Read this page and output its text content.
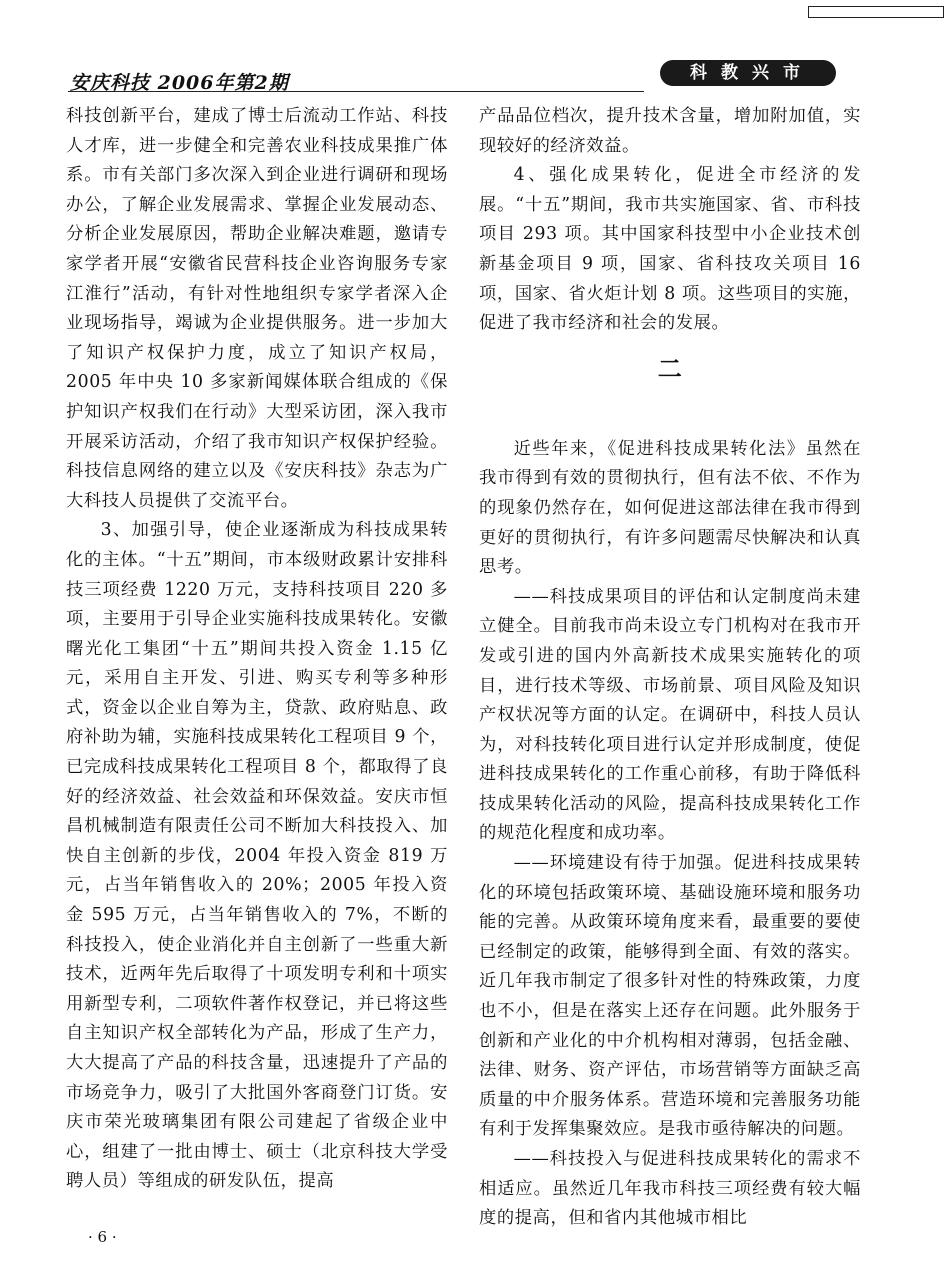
安庆科技 2006年第2期	科教兴市

科技创新平台，建成了博士后流动工作站、科技人才库，进一步健全和完善农业科技成果推广体系。市有关部门多次深入到企业进行调研和现场办公，了解企业发展需求、掌握企业发展动态、分析企业发展原因，帮助企业解决难题，邀请专家学者开展“安徽省民营科技企业咨询服务专家江淮行”活动，有针对性地组织专家学者深入企业现场指导，竭诚为企业提供服务。进一步加大了知识产权保护力度，成立了知识产权局，2005 年中央 10 多家新闻媒体联合组成的《保护知识产权我们在行动》大型采访团，深入我市开展采访活动，介绍了我市知识产权保护经验。科技信息网络的建立以及《安庆科技》杂志为广大科技人员提供了交流平台。

3、加强引导，使企业逐渐成为科技成果转化的主体。“十五”期间，市本级财政累计安排科技三项经费 1220 万元，支持科技项目 220 多项，主要用于引导企业实施科技成果转化。安徽曙光化工集团“十五”期间共投入资金 1.15 亿元，采用自主开发、引进、购买专利等多种形式，资金以企业自筹为主，贷款、政府贴息、政府补助为辅，实施科技成果转化工程项目 9 个，已完成科技成果转化工程项目 8 个，都取得了良好的经济效益、社会效益和环保效益。安庆市恒昌机械制造有限责任公司不断加大科技投入、加快自主创新的步伐，2004 年投入资金 819 万元，占当年销售收入的 20%；2005 年投入资金 595 万元，占当年销售收入的 7%，不断的科技投入，使企业消化并自主创新了一些重大新技术，近两年先后取得了十项发明专利和十项实用新型专利，二项软件著作权登记，并已将这些自主知识产权全部转化为产品，形成了生产力，大大提高了产品的科技含量，迅速提升了产品的市场竞争力，吸引了大批国外客商登门订货。安庆市荣光玻璃集团有限公司建起了省级企业中心，组建了一批由博士、硕士（北京科技大学受聘人员）等组成的研发队伍，提高

产品品位档次，提升技术含量，增加附加值，实现较好的经济效益。

4、强化成果转化，促进全市经济的发展。“十五”期间，我市共实施国家、省、市科技项目 293 项。其中国家科技型中小企业技术创新基金项目 9 项，国家、省科技攻关项目 16 项，国家、省火炬计划 8 项。这些项目的实施，促进了我市经济和社会的发展。

二

近些年来，《促进科技成果转化法》虽然在我市得到有效的贯彻执行，但有法不依、不作为的现象仍然存在，如何促进这部法律在我市得到更好的贯彻执行，有许多问题需尽快解决和认真思考。

——科技成果项目的评估和认定制度尚未建立健全。目前我市尚未设立专门机构对在我市开发或引进的国内外高新技术成果实施转化的项目，进行技术等级、市场前景、项目风险及知识产权状况等方面的认定。在调研中，科技人员认为，对科技转化项目进行认定并形成制度，使促进科技成果转化的工作重心前移，有助于降低科技成果转化活动的风险，提高科技成果转化工作的规范化程度和成功率。

——环境建设有待于加强。促进科技成果转化的环境包括政策环境、基础设施环境和服务功能的完善。从政策环境角度来看，最重要的要使已经制定的政策，能够得到全面、有效的落实。近几年我市制定了很多针对性的特殊政策，力度也不小，但是在落实上还存在问题。此外服务于创新和产业化的中介机构相对薄弱，包括金融、法律、财务、资产评估，市场营销等方面缺乏高质量的中介服务体系。营造环境和完善服务功能有利于发挥集聚效应。是我市亟待解决的问题。

——科技投入与促进科技成果转化的需求不相适应。虽然近几年我市科技三项经费有较大幅度的提高，但和省内其他城市相比

· 6 ·
